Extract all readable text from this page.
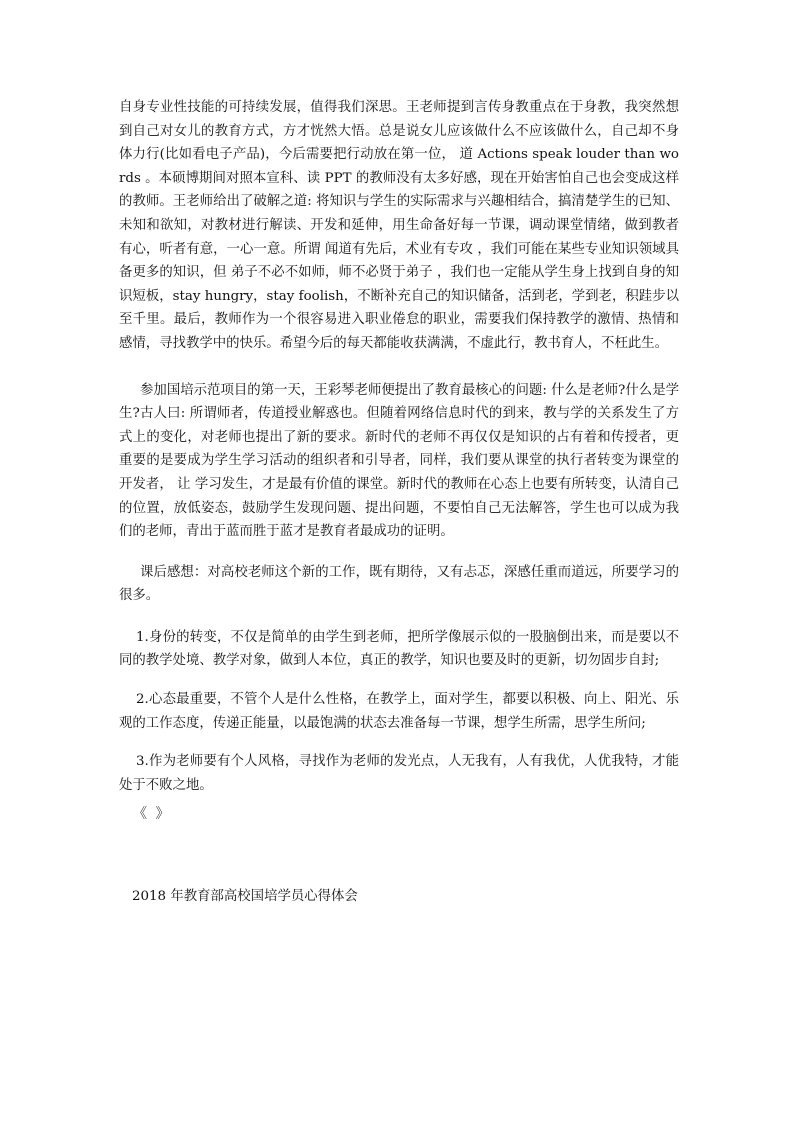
自身专业性技能的可持续发展，值得我们深思。王老师提到言传身教重点在于身教，我突然想到自己对女儿的教育方式，方才恍然大悟。总是说女儿应该做什么不应该做什么，自己却不身体力行(比如看电子产品)，今后需要把行动放在第一位， 道 Actions speak louder than words 。本硕博期间对照本宣科、读 PPT 的教师没有太多好感，现在开始害怕自己也会变成这样的教师。王老师给出了破解之道: 将知识与学生的实际需求与兴趣相结合，搞清楚学生的已知、未知和欲知，对教材进行解读、开发和延伸，用生命备好每一节课，调动课堂情绪，做到教者有心，听者有意，一心一意。所谓 闻道有先后，术业有专攻 ，我们可能在某些专业知识领域具备更多的知识，但 弟子不必不如师，师不必贤于弟子 ，我们也一定能从学生身上找到自身的知识短板，stay hungry，stay foolish，不断补充自己的知识储备，活到老，学到老，积跬步以至千里。最后，教师作为一个很容易进入职业倦怠的职业，需要我们保持教学的激情、热情和感情，寻找教学中的快乐。希望今后的每天都能收获满满，不虚此行，教书育人，不枉此生。

参加国培示范项目的第一天，王彩琴老师便提出了教育最核心的问题: 什么是老师?什么是学生?古人曰: 所谓师者，传道授业解惑也。但随着网络信息时代的到来，教与学的关系发生了方式上的变化，对老师也提出了新的要求。新时代的老师不再仅仅是知识的占有着和传授者，更重要的是要成为学生学习活动的组织者和引导者，同样，我们要从课堂的执行者转变为课堂的开发者， 让 学习发生，才是最有价值的课堂。新时代的教师在心态上也要有所转变，认清自己的位置，放低姿态，鼓励学生发现问题、提出问题，不要怕自己无法解答，学生也可以成为我们的老师，青出于蓝而胜于蓝才是教育者最成功的证明。

课后感想：对高校老师这个新的工作，既有期待，又有忐忑，深感任重而道远，所要学习的很多。

1.身份的转变，不仅是简单的由学生到老师，把所学像展示似的一股脑倒出来，而是要以不同的教学处境、教学对象，做到人本位，真正的教学，知识也要及时的更新，切勿固步自封;

2.心态最重要，不管个人是什么性格，在教学上，面对学生，都要以积极、向上、阳光、乐观的工作态度，传递正能量，以最饱满的状态去准备每一节课，想学生所需，思学生所问;

3.作为老师要有个人风格，寻找作为老师的发光点，人无我有，人有我优，人优我特，才能处于不败之地。

《 》
2018 年教育部高校国培学员心得体会
